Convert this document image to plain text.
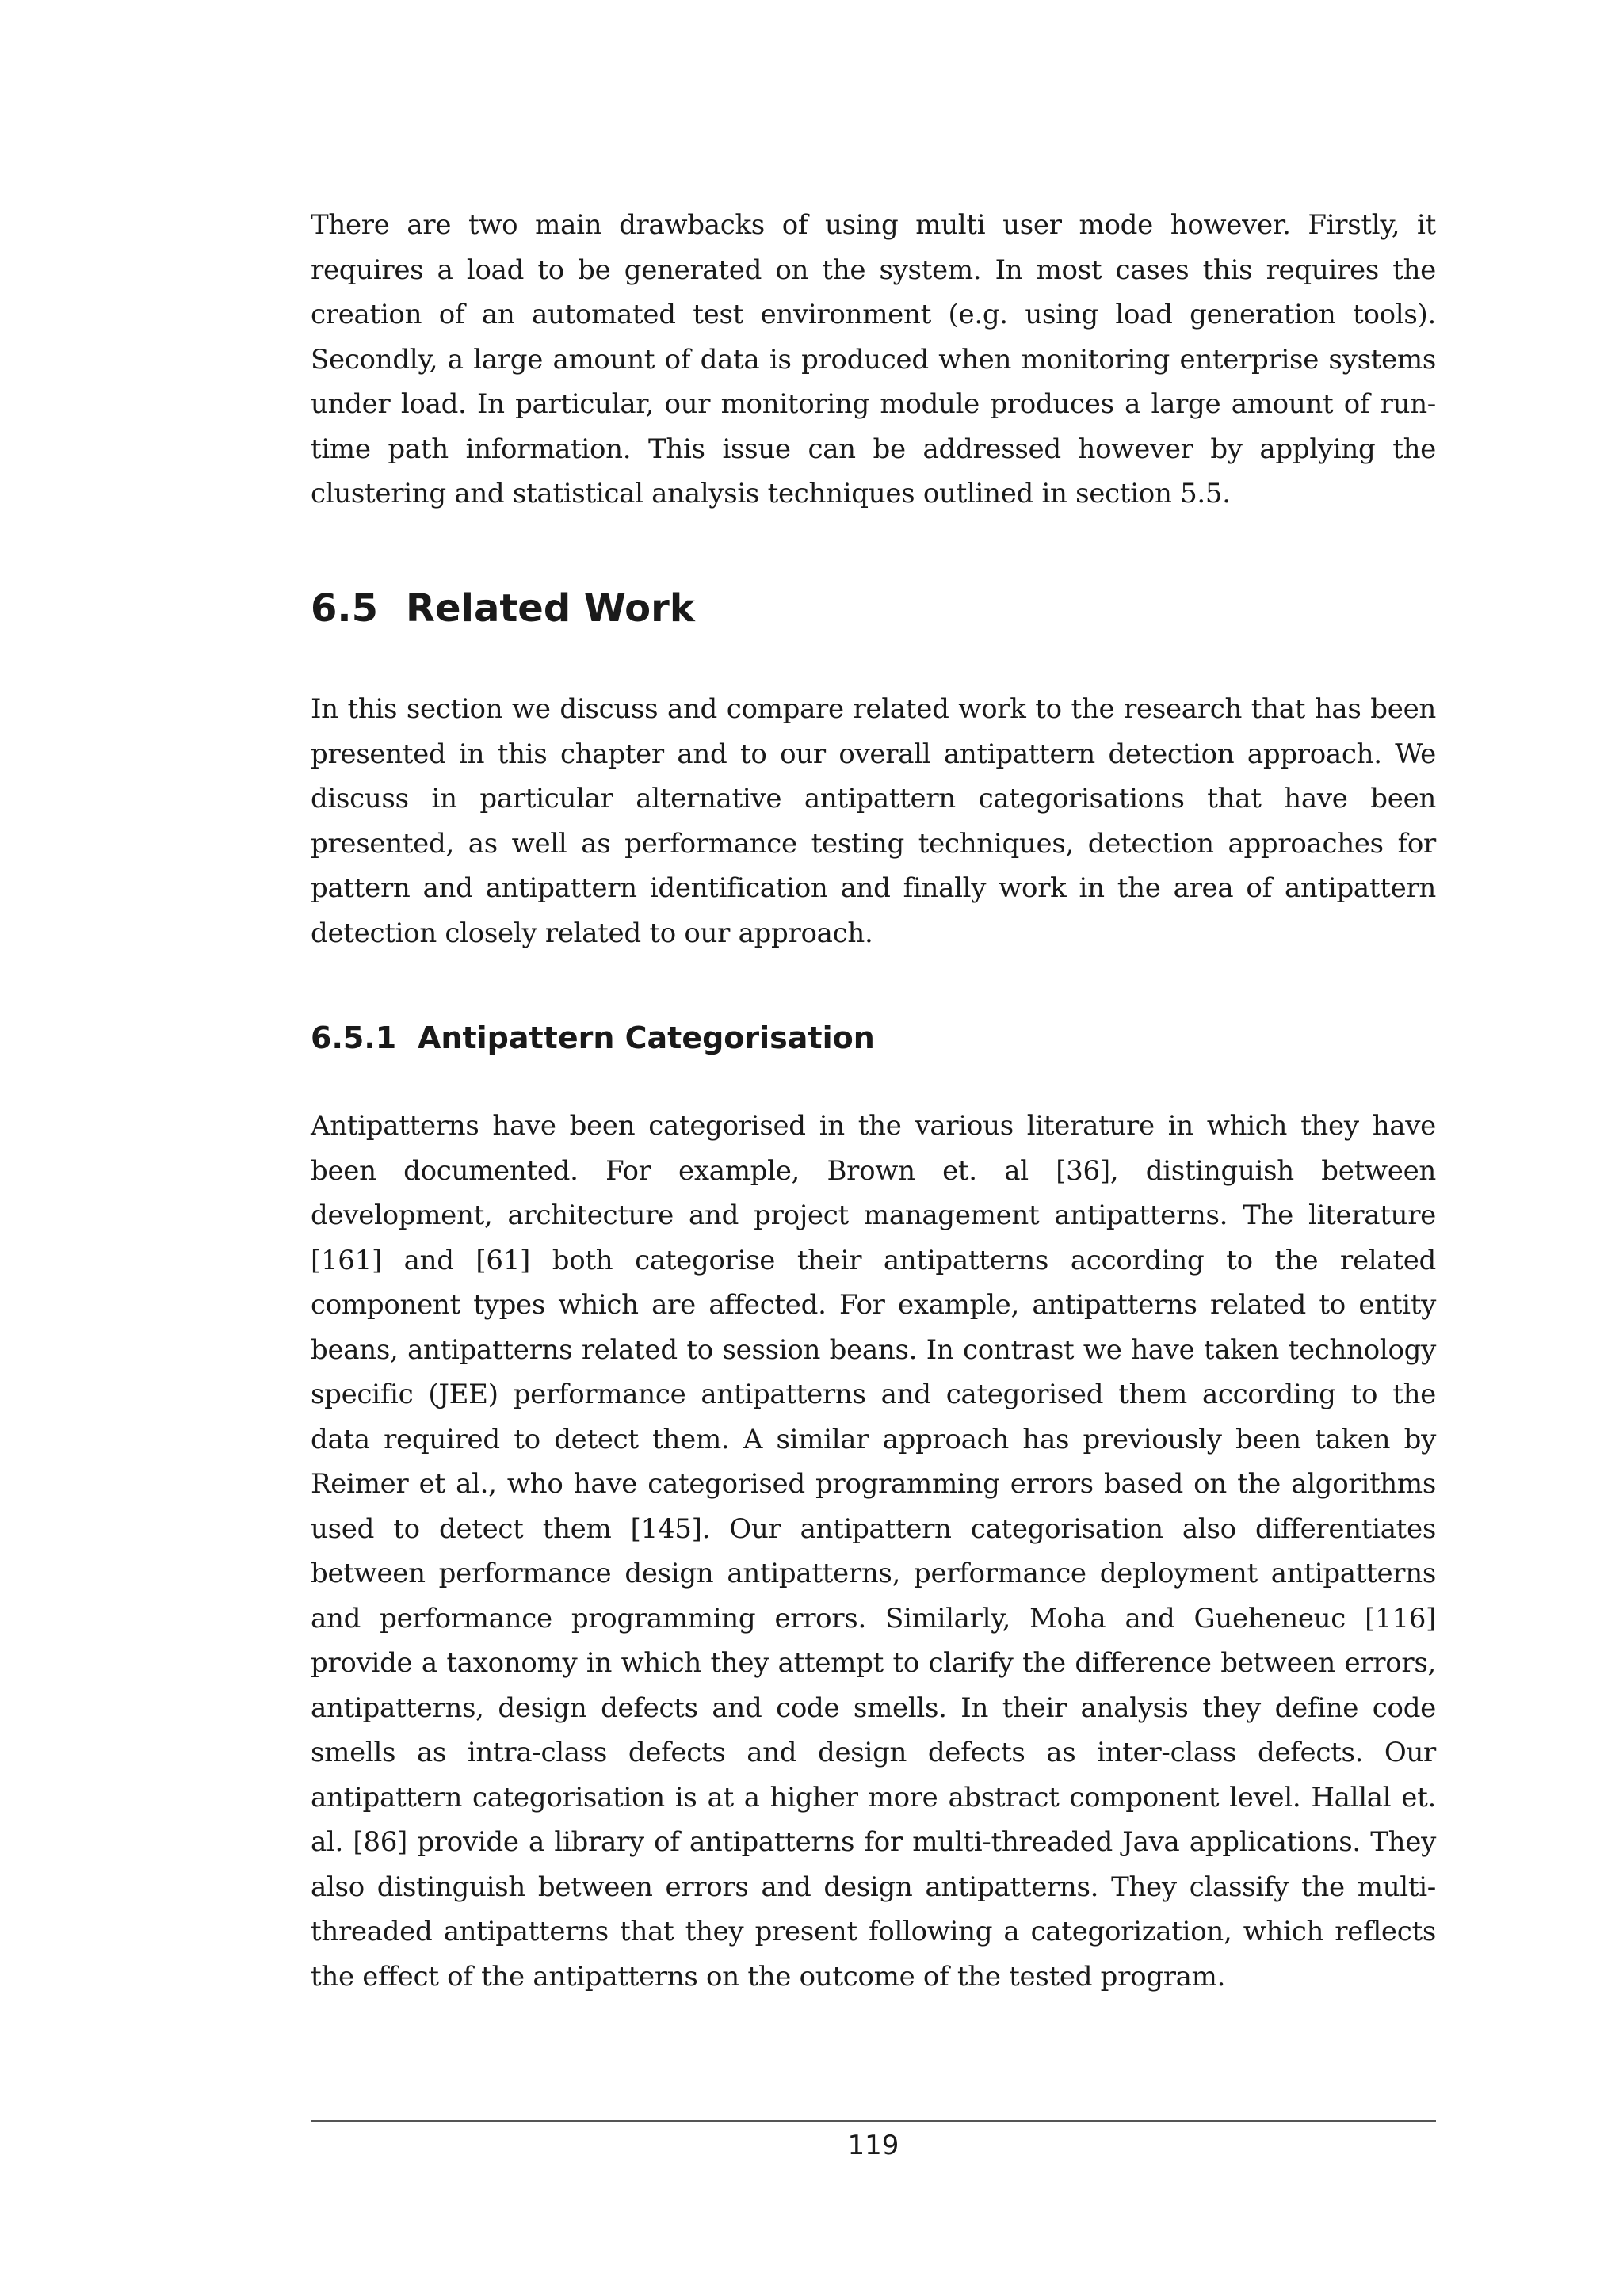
There are two main drawbacks of using multi user mode however. Firstly, it requires a load to be generated on the system. In most cases this requires the creation of an automated test environment (e.g. using load generation tools). Secondly, a large amount of data is produced when monitoring enterprise systems under load. In particular, our monitoring module produces a large amount of run-time path information. This issue can be addressed however by applying the clustering and statistical analysis techniques outlined in section 5.5.

6.5 Related Work

In this section we discuss and compare related work to the research that has been presented in this chapter and to our overall antipattern detection approach. We discuss in particular alternative antipattern categorisations that have been presented, as well as performance testing techniques, detection approaches for pattern and antipattern identification and finally work in the area of antipattern detection closely related to our approach.

6.5.1 Antipattern Categorisation

Antipatterns have been categorised in the various literature in which they have been documented. For example, Brown et. al [36], distinguish between development, architecture and project management antipatterns. The literature [161] and [61] both categorise their antipatterns according to the related component types which are affected. For example, antipatterns related to entity beans, antipatterns related to session beans. In contrast we have taken technology specific (JEE) performance antipatterns and categorised them according to the data required to detect them. A similar approach has previously been taken by Reimer et al., who have categorised programming errors based on the algorithms used to detect them [145]. Our antipattern categorisation also differentiates between performance design antipatterns, performance deployment antipatterns and performance programming errors. Similarly, Moha and Gueheneuc [116] provide a taxonomy in which they attempt to clarify the difference between errors, antipatterns, design defects and code smells. In their analysis they define code smells as intra-class defects and design defects as inter-class defects. Our antipattern categorisation is at a higher more abstract component level. Hallal et. al. [86] provide a library of antipatterns for multi-threaded Java applications. They also distinguish between errors and design antipatterns. They classify the multi-threaded antipatterns that they present following a categorization, which reflects the effect of the antipatterns on the outcome of the tested program.

119
